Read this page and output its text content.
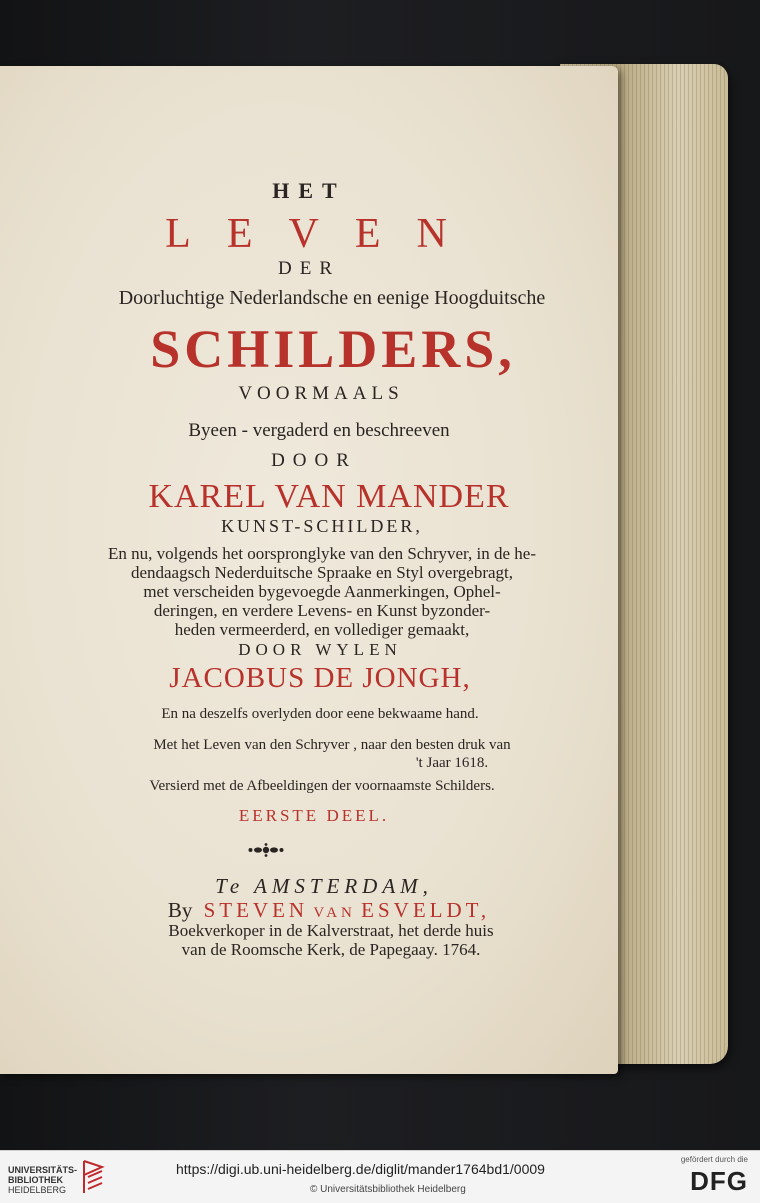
HET

LEVEN

DER

Doorluchtige Nederlandsche en eenige Hoogduitsche

SCHILDERS,

VOORMAALS

Byeen - vergaderd en beschreeven

DOOR

KAREL VAN MANDER

KUNST-SCHILDER,

En nu, volgends het oorspronglyke van den Schryver, in de he-
dendaagsch Nederduitsche Spraake en Styl overgebragt,
met verscheiden bygevoegde Aanmerkingen, Ophel-
deringen, en verdere Levens- en Kunst byzonder-
heden vermeerderd, en vollediger gemaakt,

DOOR WYLEN

JACOBUS DE JONGH,

En na deszelfs overlyden door eene bekwaame hand.

Met het Leven van den Schryver , naar den besten druk van
't Jaar 1618.

Versierd met de Afbeeldingen der voornaamste Schilders.

EERSTE DEEL.

Te AMSTERDAM,

By STEVEN VAN ESVELDT,

Boekverkoper in de Kalverstraat, het derde huis
van de Roomsche Kerk, de Papegaay. 1764.
UNIVERSITÄTS-
BIBLIOTHEK
HEIDELBERG
https://digi.ub.uni-heidelberg.de/diglit/mander1764bd1/0009
© Universitätsbibliothek Heidelberg
gefördert durch die
DFG
